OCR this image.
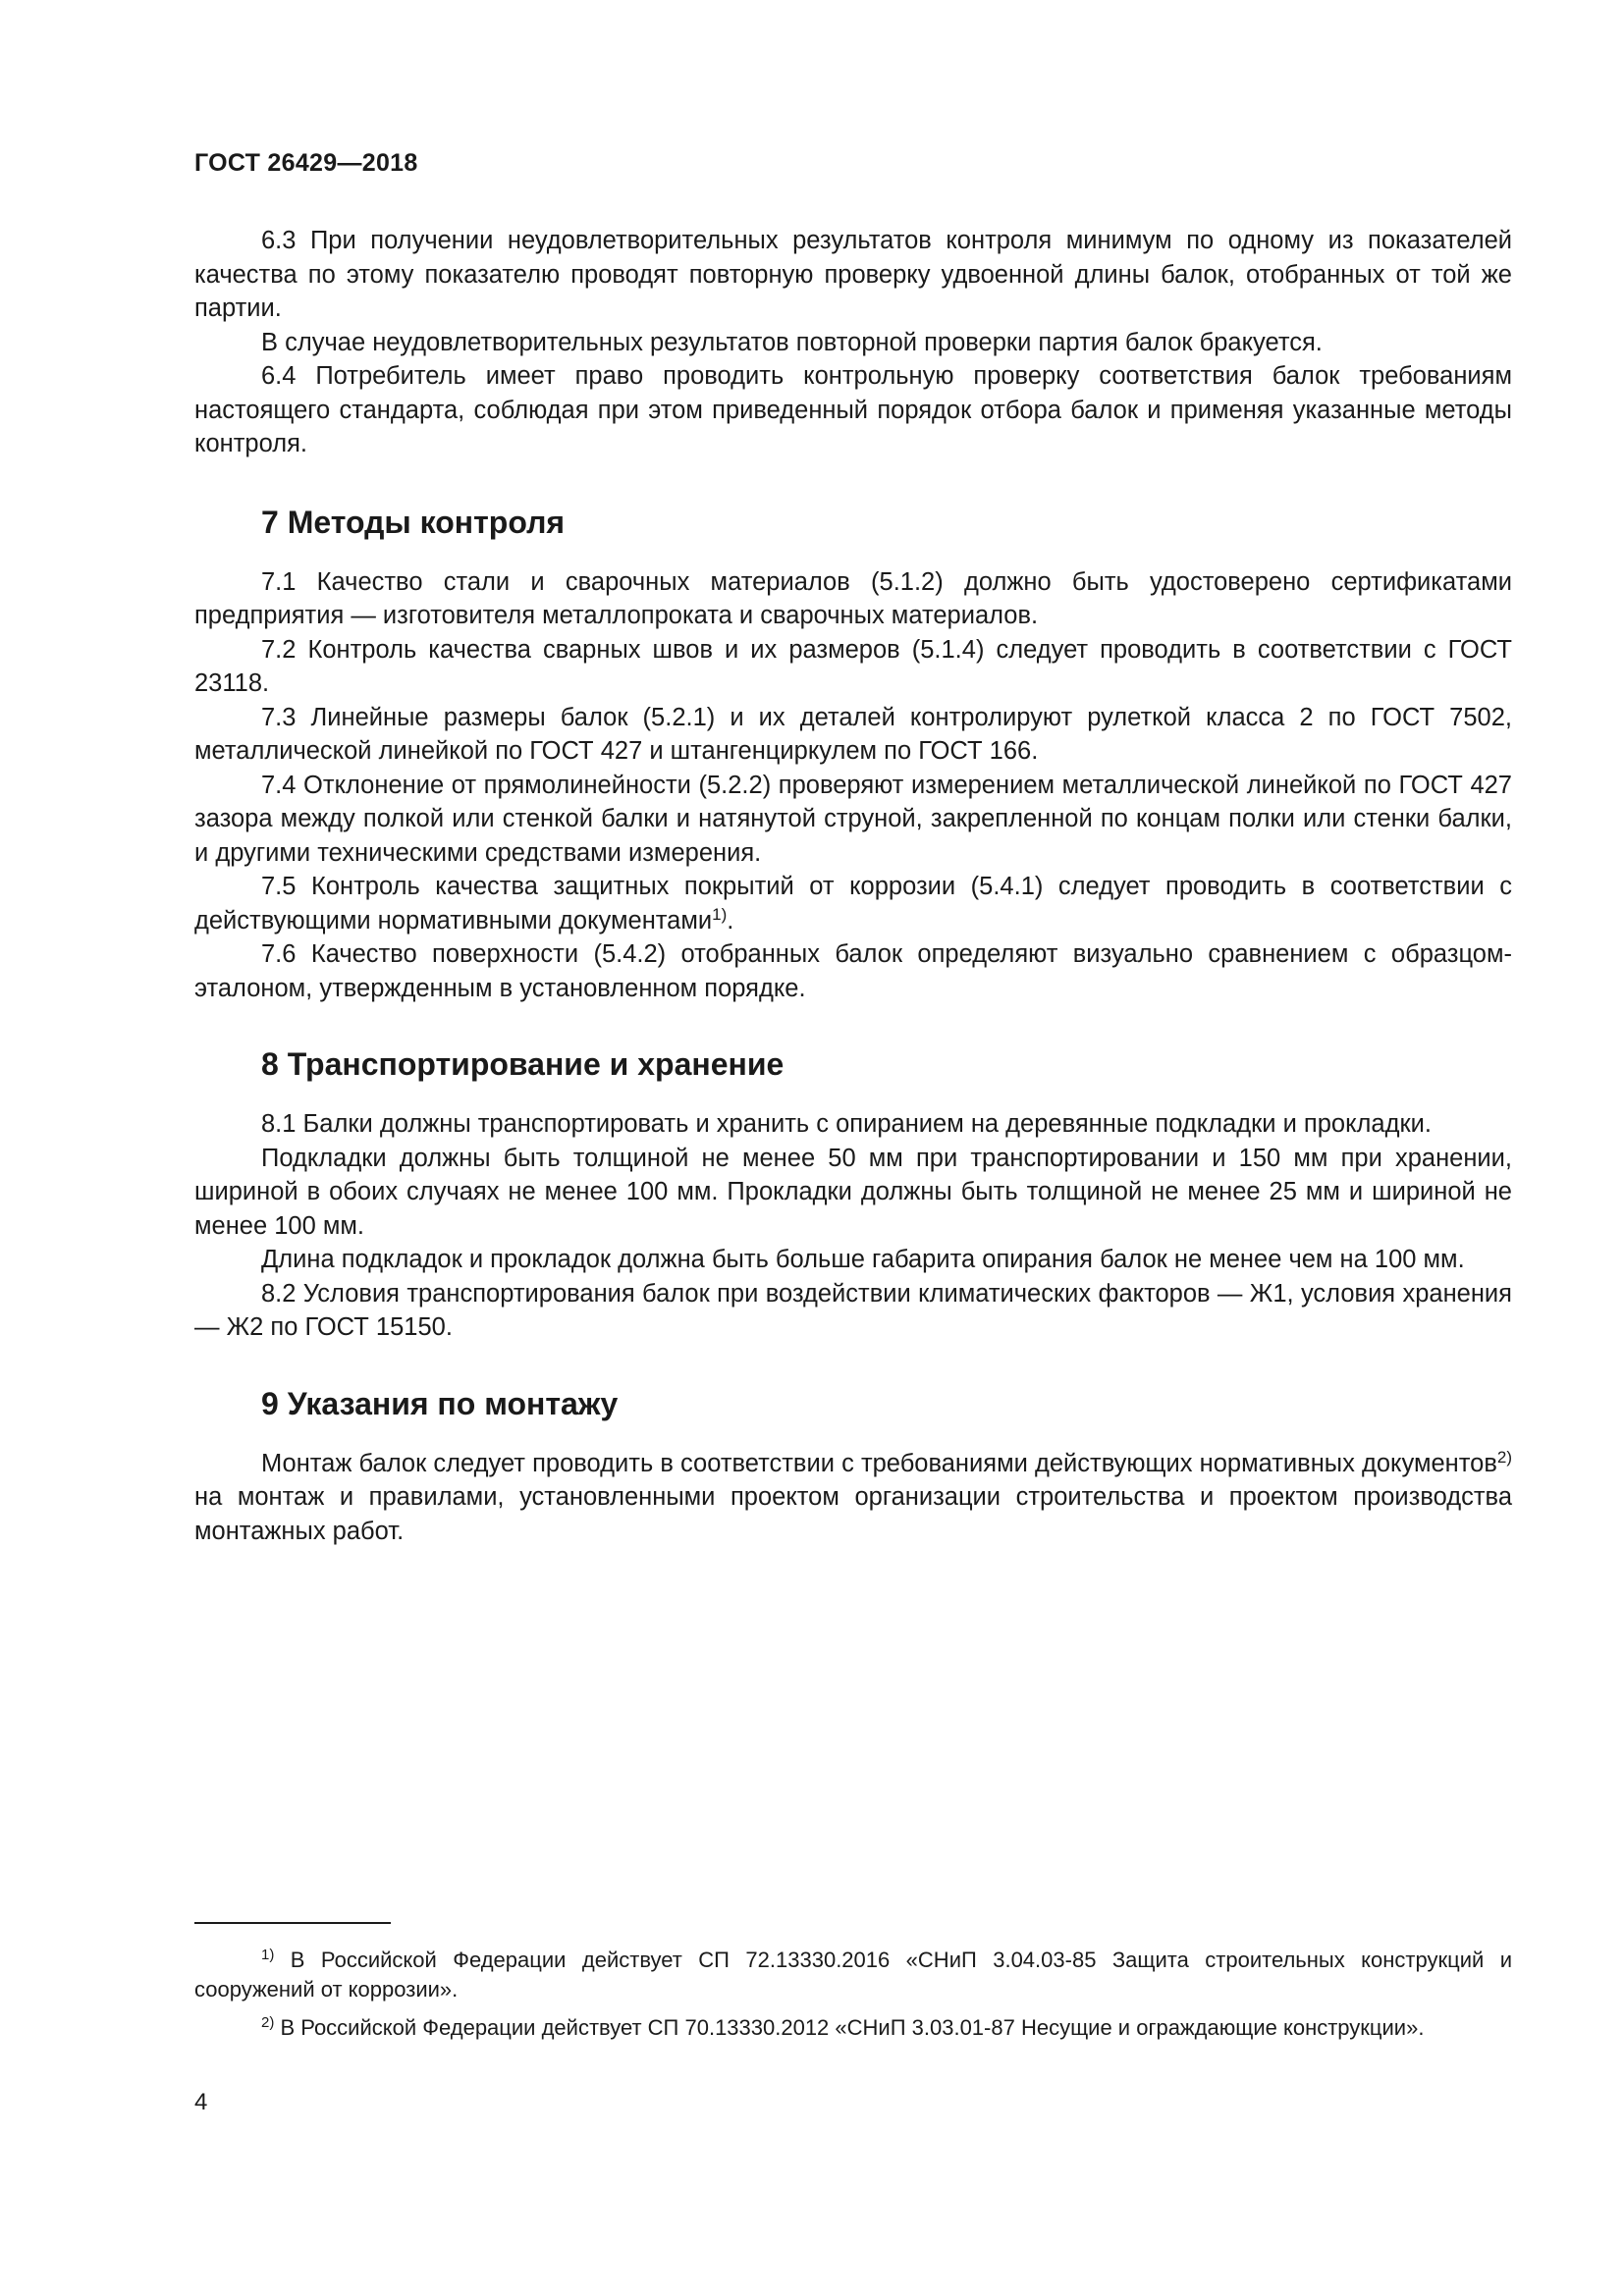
ГОСТ 26429—2018

6.3 При получении неудовлетворительных результатов контроля минимум по одному из показателей качества по этому показателю проводят повторную проверку удвоенной длины балок, отобранных от той же партии.

В случае неудовлетворительных результатов повторной проверки партия балок бракуется.

6.4 Потребитель имеет право проводить контрольную проверку соответствия балок требованиям настоящего стандарта, соблюдая при этом приведенный порядок отбора балок и применяя указанные методы контроля.

7 Методы контроля

7.1 Качество стали и сварочных материалов (5.1.2) должно быть удостоверено сертификатами предприятия — изготовителя металлопроката и сварочных материалов.

7.2 Контроль качества сварных швов и их размеров (5.1.4) следует проводить в соответствии с ГОСТ 23118.

7.3 Линейные размеры балок (5.2.1) и их деталей контролируют рулеткой класса 2 по ГОСТ 7502, металлической линейкой по ГОСТ 427 и штангенциркулем по ГОСТ 166.

7.4 Отклонение от прямолинейности (5.2.2) проверяют измерением металлической линейкой по ГОСТ 427 зазора между полкой или стенкой балки и натянутой струной, закрепленной по концам полки или стенки балки, и другими техническими средствами измерения.

7.5 Контроль качества защитных покрытий от коррозии (5.4.1) следует проводить в соответствии с действующими нормативными документами$^{1)}$.

7.6 Качество поверхности (5.4.2) отобранных балок определяют визуально сравнением с образцом-эталоном, утвержденным в установленном порядке.

8 Транспортирование и хранение

8.1 Балки должны транспортировать и хранить с опиранием на деревянные подкладки и прокладки.

Подкладки должны быть толщиной не менее 50 мм при транспортировании и 150 мм при хранении, шириной в обоих случаях не менее 100 мм. Прокладки должны быть толщиной не менее 25 мм и шириной не менее 100 мм.

Длина подкладок и прокладок должна быть больше габарита опирания балок не менее чем на 100 мм.

8.2 Условия транспортирования балок при воздействии климатических факторов — Ж1, условия хранения — Ж2 по ГОСТ 15150.

9 Указания по монтажу

Монтаж балок следует проводить в соответствии с требованиями действующих нормативных документов$^{2)}$ на монтаж и правилами, установленными проектом организации строительства и проектом производства монтажных работ.

$^{1)}$ В Российской Федерации действует СП 72.13330.2016 «СНиП 3.04.03-85 Защита строительных конструкций и сооружений от коррозии».

$^{2)}$ В Российской Федерации действует СП 70.13330.2012 «СНиП 3.03.01-87 Несущие и ограждающие конструкции».

4
